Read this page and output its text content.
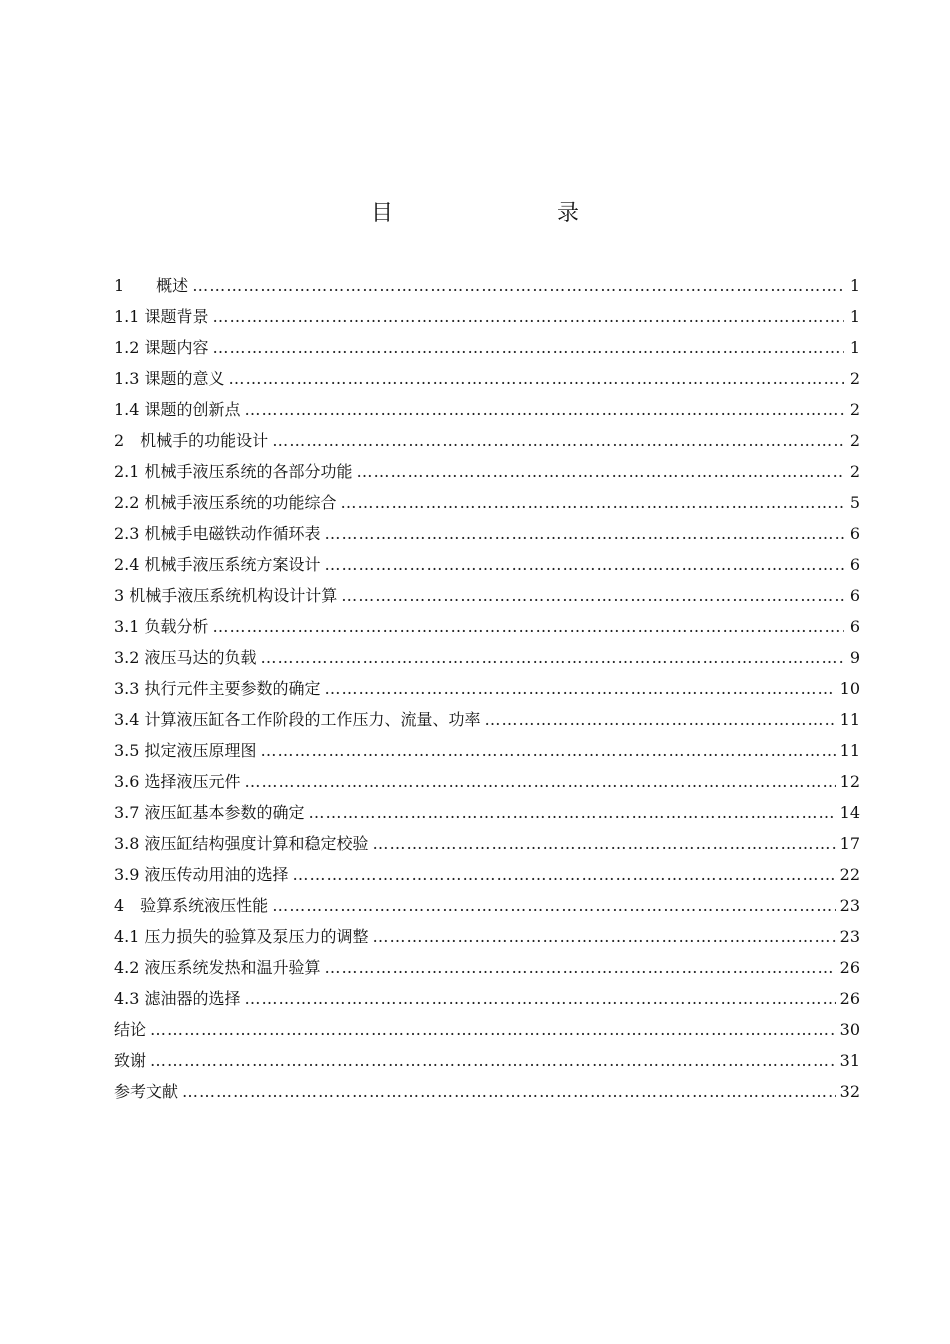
目　　录
1　　概述 …………………………………………………………………………………………………………………………………………………………………………………………………………	1
1.1 课题背景 …………………………………………………………………………………………………………………………………………………………………………………………………………	1
1.2 课题内容 …………………………………………………………………………………………………………………………………………………………………………………………………………	1
1.3 课题的意义 …………………………………………………………………………………………………………………………………………………………………………………………………………	2
1.4 课题的创新点 …………………………………………………………………………………………………………………………………………………………………………………………………………	2
2　机械手的功能设计 …………………………………………………………………………………………………………………………………………………………………………………………………………	2
2.1 机械手液压系统的各部分功能 …………………………………………………………………………………………………………………………………………………………………………………………………………	2
2.2 机械手液压系统的功能综合 …………………………………………………………………………………………………………………………………………………………………………………………………………	5
2.3 机械手电磁铁动作循环表 …………………………………………………………………………………………………………………………………………………………………………………………………………	6
2.4 机械手液压系统方案设计 …………………………………………………………………………………………………………………………………………………………………………………………………………	6
3 机械手液压系统机构设计计算 …………………………………………………………………………………………………………………………………………………………………………………………………………	6
3.1 负载分析 …………………………………………………………………………………………………………………………………………………………………………………………………………	6
3.2 液压马达的负载 …………………………………………………………………………………………………………………………………………………………………………………………………………	9
3.3 执行元件主要参数的确定 …………………………………………………………………………………………………………………………………………………………………………………………………………	10
3.4 计算液压缸各工作阶段的工作压力、流量、功率 …………………………………………………………………………………………………………………………………………………………………………………………………………	11
3.5 拟定液压原理图 …………………………………………………………………………………………………………………………………………………………………………………………………………	11
3.6 选择液压元件 …………………………………………………………………………………………………………………………………………………………………………………………………………	12
3.7 液压缸基本参数的确定 …………………………………………………………………………………………………………………………………………………………………………………………………………	14
3.8 液压缸结构强度计算和稳定校验 …………………………………………………………………………………………………………………………………………………………………………………………………………	17
3.9 液压传动用油的选择 …………………………………………………………………………………………………………………………………………………………………………………………………………	22
4　验算系统液压性能 …………………………………………………………………………………………………………………………………………………………………………………………………………	23
4.1 压力损失的验算及泵压力的调整 …………………………………………………………………………………………………………………………………………………………………………………………………………	23
4.2 液压系统发热和温升验算 …………………………………………………………………………………………………………………………………………………………………………………………………………	26
4.3 滤油器的选择 …………………………………………………………………………………………………………………………………………………………………………………………………………	26
结论 …………………………………………………………………………………………………………………………………………………………………………………………………………	30
致谢 …………………………………………………………………………………………………………………………………………………………………………………………………………	31
参考文献 …………………………………………………………………………………………………………………………………………………………………………………………………………	32
